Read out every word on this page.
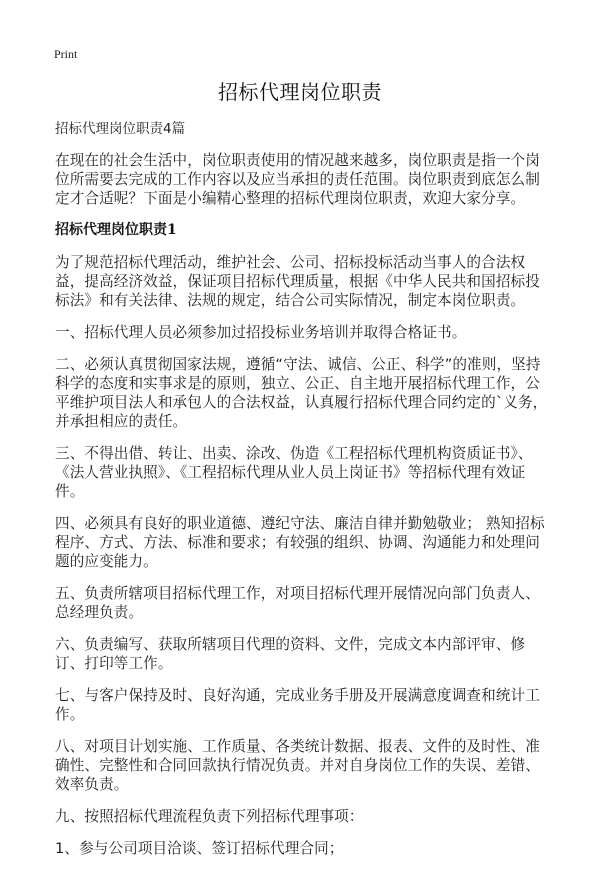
Print
招标代理岗位职责
招标代理岗位职责4篇

在现在的社会生活中，岗位职责使用的情况越来越多，岗位职责是指一个岗位所需要去完成的工作内容以及应当承担的责任范围。岗位职责到底怎么制定才合适呢？下面是小编精心整理的招标代理岗位职责，欢迎大家分享。

招标代理岗位职责1

为了规范招标代理活动，维护社会、公司、招标投标活动当事人的合法权益，提高经济效益，保证项目招标代理质量，根据《中华人民共和国招标投标法》和有关法律、法规的规定，结合公司实际情况，制定本岗位职责。

一、招标代理人员必须参加过招投标业务培训并取得合格证书。

二、必须认真贯彻国家法规，遵循“守法、诚信、公正、科学”的准则，坚持科学的态度和实事求是的原则，独立、公正、自主地开展招标代理工作，公平维护项目法人和承包人的合法权益，认真履行招标代理合同约定的`义务，并承担相应的责任。

三、不得出借、转让、出卖、涂改、伪造《工程招标代理机构资质证书》、《法人营业执照》、《工程招标代理从业人员上岗证书》等招标代理有效证件。

四、必须具有良好的职业道德、遵纪守法、廉洁自律并勤勉敬业； 熟知招标程序、方式、方法、标准和要求；有较强的组织、协调、沟通能力和处理问题的应变能力。

五、负责所辖项目招标代理工作，对项目招标代理开展情况向部门负责人、总经理负责。

六、负责编写、获取所辖项目代理的资料、文件，完成文本内部评审、修订、打印等工作。

七、与客户保持及时、良好沟通，完成业务手册及开展满意度调查和统计工作。

八、对项目计划实施、工作质量、各类统计数据、报表、文件的及时性、准确性、完整性和合同回款执行情况负责。并对自身岗位工作的失误、差错、效率负责。

九、按照招标代理流程负责下列招标代理事项：

1、参与公司项目洽谈、签订招标代理合同；
